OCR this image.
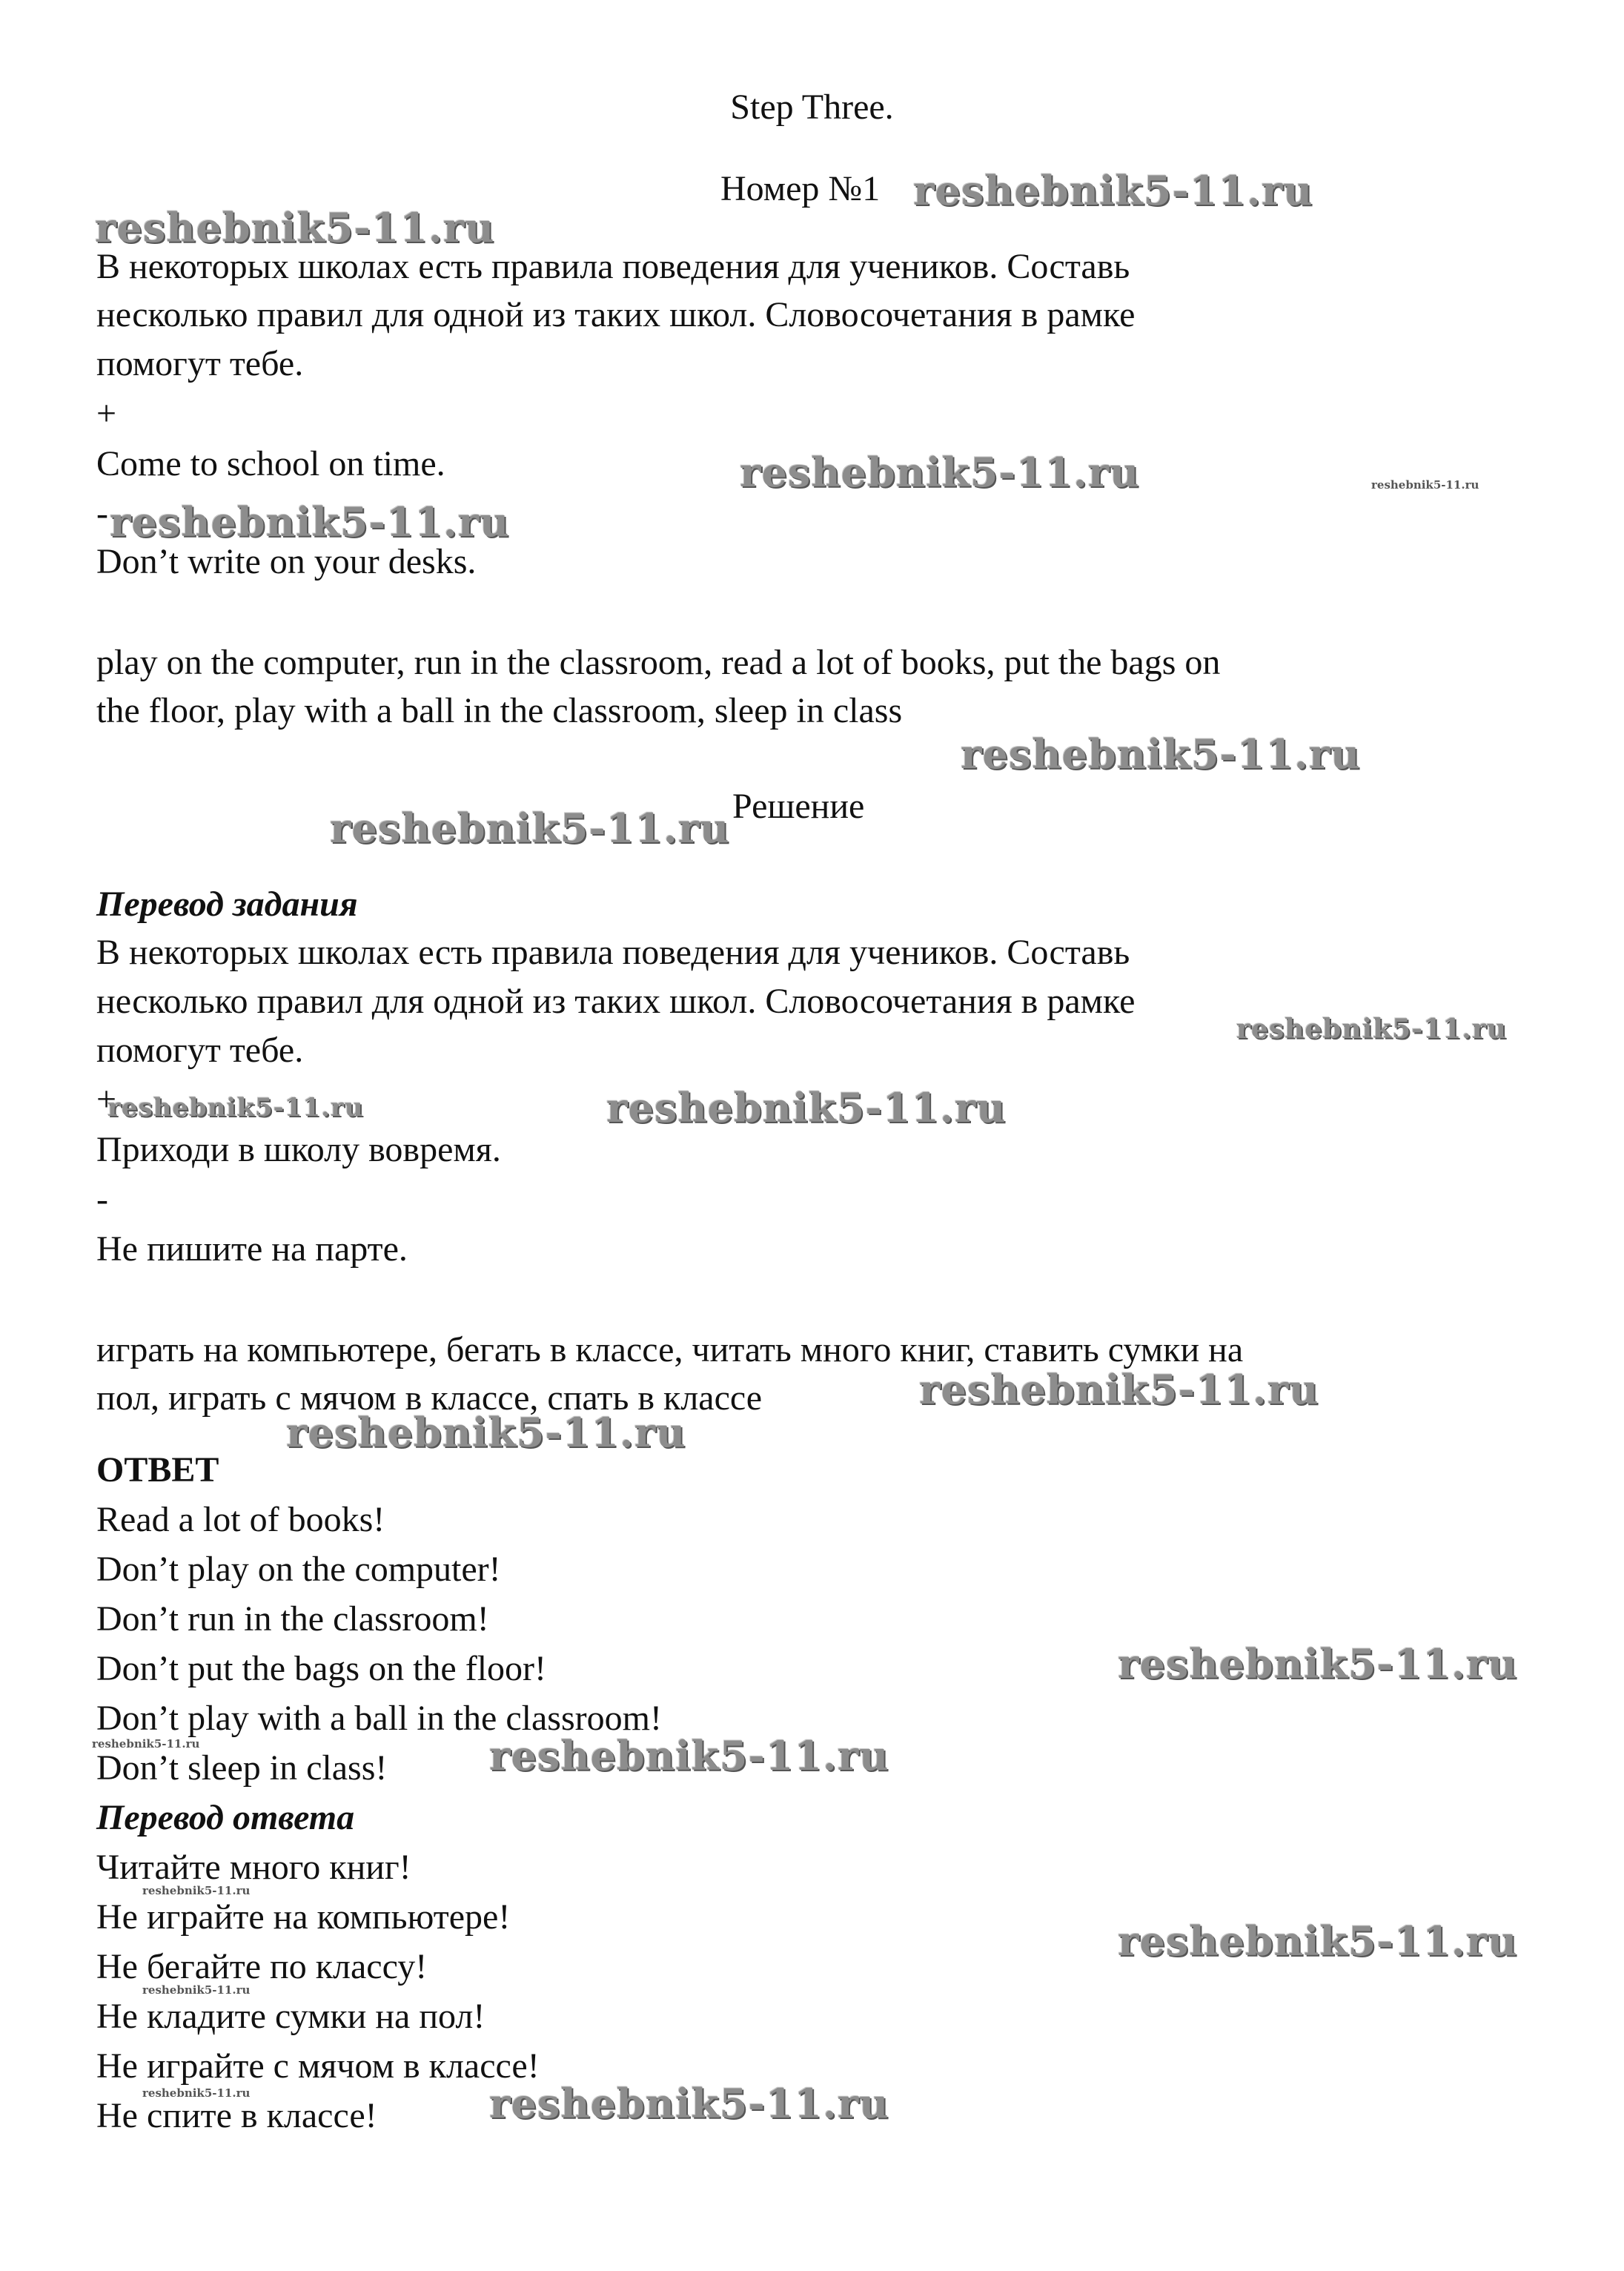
Step Three.

Номер №1

В некоторых школах есть правила поведения для учеников. Составь

несколько правил для одной из таких школ. Словосочетания в рамке

помогут тебе.

+

Come to school on time.

-

Don’t write on your desks.

play on the computer, run in the classroom, read a lot of books, put the bags on

the floor, play with a ball in the classroom, sleep in class

Решение

Перевод задания

В некоторых школах есть правила поведения для учеников. Составь

несколько правил для одной из таких школ. Словосочетания в рамке

помогут тебе.

+

Приходи в школу вовремя.

-

Не пишите на парте.

играть на компьютере, бегать в классе, читать много книг, ставить сумки на

пол, играть с мячом в классе, спать в классе

ОТВЕТ

Read a lot of books!

Don’t play on the computer!

Don’t run in the classroom!

Don’t put the bags on the floor!

Don’t play with a ball in the classroom!

Don’t sleep in class!

Перевод ответа

Читайте много книг!

Не играйте на компьютере!

Не бегайте по классу!

Не кладите сумки на пол!

Не играйте с мячом в классе!

Не спите в классе!

reshebnik5-11.ru

reshebnik5-11.ru

reshebnik5-11.ru	reshebnik5-11.ru

reshebnik5-11.ru

reshebnik5-11.ru

reshebnik5-11.ru

reshebnik5-11.ru

reshebnik5-11.ru	reshebnik5-11.ru

reshebnik5-11.ru

reshebnik5-11.ru

reshebnik5-11.ru

reshebnik5-11.ru	reshebnik5-11.ru

reshebnik5-11.ru

reshebnik5-11.ru

reshebnik5-11.ru

reshebnik5-11.ru	reshebnik5-11.ru
